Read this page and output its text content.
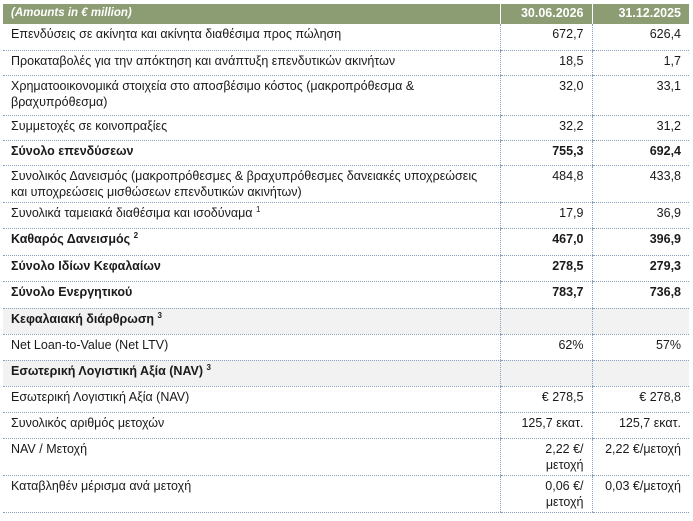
(Amounts in € million)	30.06.2026	31.12.2025
Επενδύσεις σε ακίνητα και ακίνητα διαθέσιμα προς πώληση	672,7	626,4
Προκαταβολές για την απόκτηση και ανάπτυξη επενδυτικών ακινήτων	18,5	1,7
Χρηματοοικονομικά στοιχεία στο αποσβέσιμο κόστος (μακροπρόθεσμα & βραχυπρόθεσμα)	32,0	33,1
Συμμετοχές σε κοινοπραξίες	32,2	31,2
Σύνολο επενδύσεων	755,3	692,4
Συνολικός Δανεισμός (μακροπρόθεσμες & βραχυπρόθεσμες δανειακές υποχρεώσεις και υποχρεώσεις μισθώσεων επενδυτικών ακινήτων)	484,8	433,8
Συνολικά ταμειακά διαθέσιμα και ισοδύναμα $^1$	17,9	36,9
Καθαρός Δανεισμός $^2$	467,0	396,9
Σύνολο Ιδίων Κεφαλαίων	278,5	279,3
Σύνολο Ενεργητικού	783,7	736,8
Κεφαλαιακή διάρθρωση $^3$		
Net Loan-to-Value (Net LTV)	62%	57%
Εσωτερική Λογιστική Αξία (NAV) $^3$		
Εσωτερική Λογιστική Αξία (NAV)	€ 278,5	€ 278,8
Συνολικός αριθμός μετοχών	125,7 εκατ.	125,7 εκατ.
NAV / Μετοχή	2,22 €/μετοχή	2,22 €/μετοχή
Καταβληθέν μέρισμα ανά μετοχή	0,06 €/μετοχή	0,03 €/μετοχή
